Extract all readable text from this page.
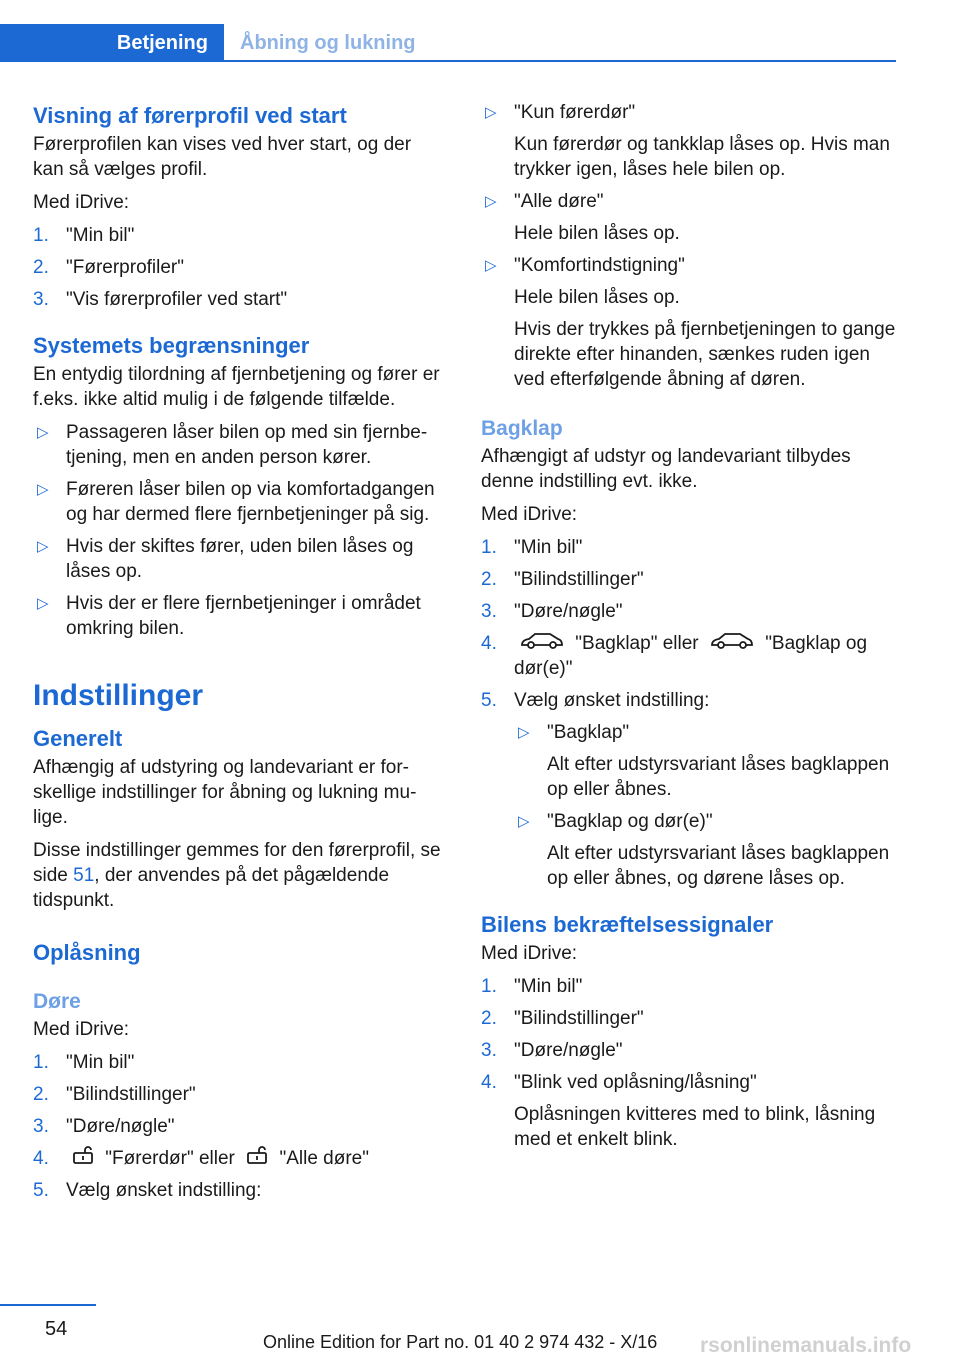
Betjening	Åbning og lukning
Visning af førerprofil ved start

Førerprofilen kan vises ved hver start, og der kan så vælges profil.

Med iDrive:

1. "Min bil"
2. "Førerprofiler"
3. "Vis førerprofiler ved start"
Systemets begrænsninger

En entydig tilordning af fjernbetjening og fører er f.eks. ikke altid mulig i de følgende tilfælde.

▷ Passageren låser bilen op med sin fjernbetjening, men en anden person kører.
▷ Føreren låser bilen op via komfortadgangen og har dermed flere fjernbetjeninger på sig.
▷ Hvis der skiftes fører, uden bilen låses og låses op.
▷ Hvis der er flere fjernbetjeninger i området omkring bilen.
Indstillinger
Generelt

Afhængig af udstyring og landevariant er forskellige indstillinger for åbning og lukning mulige.

Disse indstillinger gemmes for den førerprofil, se side 51, der anvendes på det pågældende tidspunkt.

Oplåsning
Døre

Med iDrive:

1. "Min bil"
2. "Bilindstillinger"
3. "Døre/nøgle"
4.	"Førerdør" eller "Alle døre"
5. Vælg ønsket indstilling:
▷ "Kun førerdør"
Kun førerdør og tankklap låses op. Hvis man trykker igen, låses hele bilen op.
▷ "Alle døre"
Hele bilen låses op.
▷ "Komfortindstigning"
Hele bilen låses op.
Hvis der trykkes på fjernbetjeningen to gange direkte efter hinanden, sænkes ruden igen ved efterfølgende åbning af døren.
Bagklap

Afhængigt af udstyr og landevariant tilbydes denne indstilling evt. ikke.

Med iDrive:

1. "Min bil"
2. "Bilindstillinger"
3. "Døre/nøgle"
4.	"Bagklap" eller	"Bagklap og dør(e)"
5. Vælg ønsket indstilling:
▷ "Bagklap"
Alt efter udstyrsvariant låses bagklappen op eller åbnes.
▷ "Bagklap og dør(e)"
Alt efter udstyrsvariant låses bagklappen op eller åbnes, og dørene låses op.
Bilens bekræftelsessignaler

Med iDrive:

1. "Min bil"
2. "Bilindstillinger"
3. "Døre/nøgle"
4. "Blink ved oplåsning/låsning"
Oplåsningen kvitteres med to blink, låsning med et enkelt blink.
54
Online Edition for Part no. 01 40 2 974 432 - X/16 rsonlinemanuals.info
